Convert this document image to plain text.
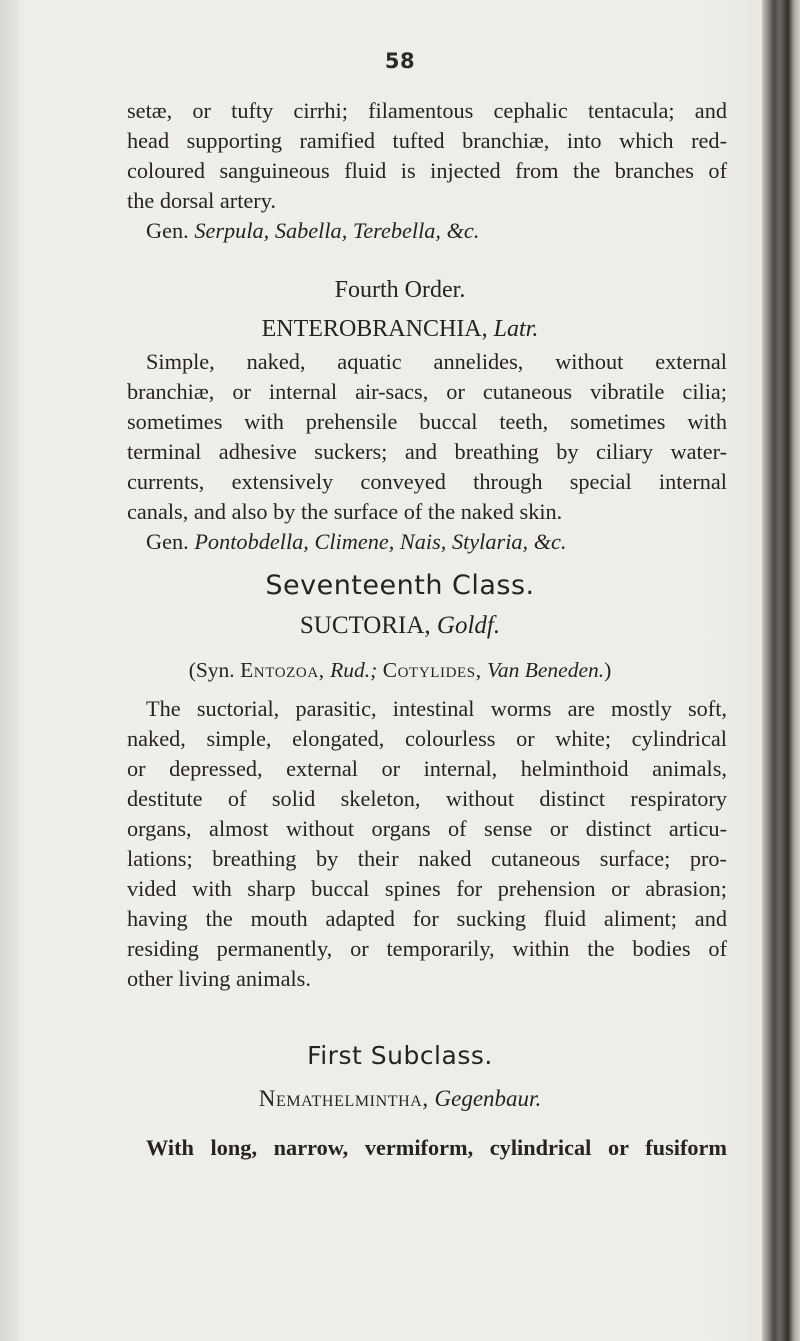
58

setæ, or tufty cirrhi; filamentous cephalic tentacula; and
head supporting ramified tufted branchiæ, into which red-
coloured sanguineous fluid is injected from the branches of
the dorsal artery.
Gen. Serpula, Sabella, Terebella, &c.

Fourth Order.

ENTEROBRANCHIA, Latr.

Simple, naked, aquatic annelides, without external
branchiæ, or internal air-sacs, or cutaneous vibratile cilia;
sometimes with prehensile buccal teeth, sometimes with
terminal adhesive suckers; and breathing by ciliary water-
currents, extensively conveyed through special internal
canals, and also by the surface of the naked skin.
Gen. Pontobdella, Climene, Nais, Stylaria, &c.

Seventeenth Class.

SUCTORIA, Goldf.

(Syn. Entozoa, Rud.; Cotylides, Van Beneden.)

The suctorial, parasitic, intestinal worms are mostly soft,
naked, simple, elongated, colourless or white; cylindrical
or depressed, external or internal, helminthoid animals,
destitute of solid skeleton, without distinct respiratory
organs, almost without organs of sense or distinct articu-
lations; breathing by their naked cutaneous surface; pro-
vided with sharp buccal spines for prehension or abrasion;
having the mouth adapted for sucking fluid aliment; and
residing permanently, or temporarily, within the bodies of
other living animals.

First Subclass.

Nemathelmintha, Gegenbaur.

With long, narrow, vermiform, cylindrical or fusiform
